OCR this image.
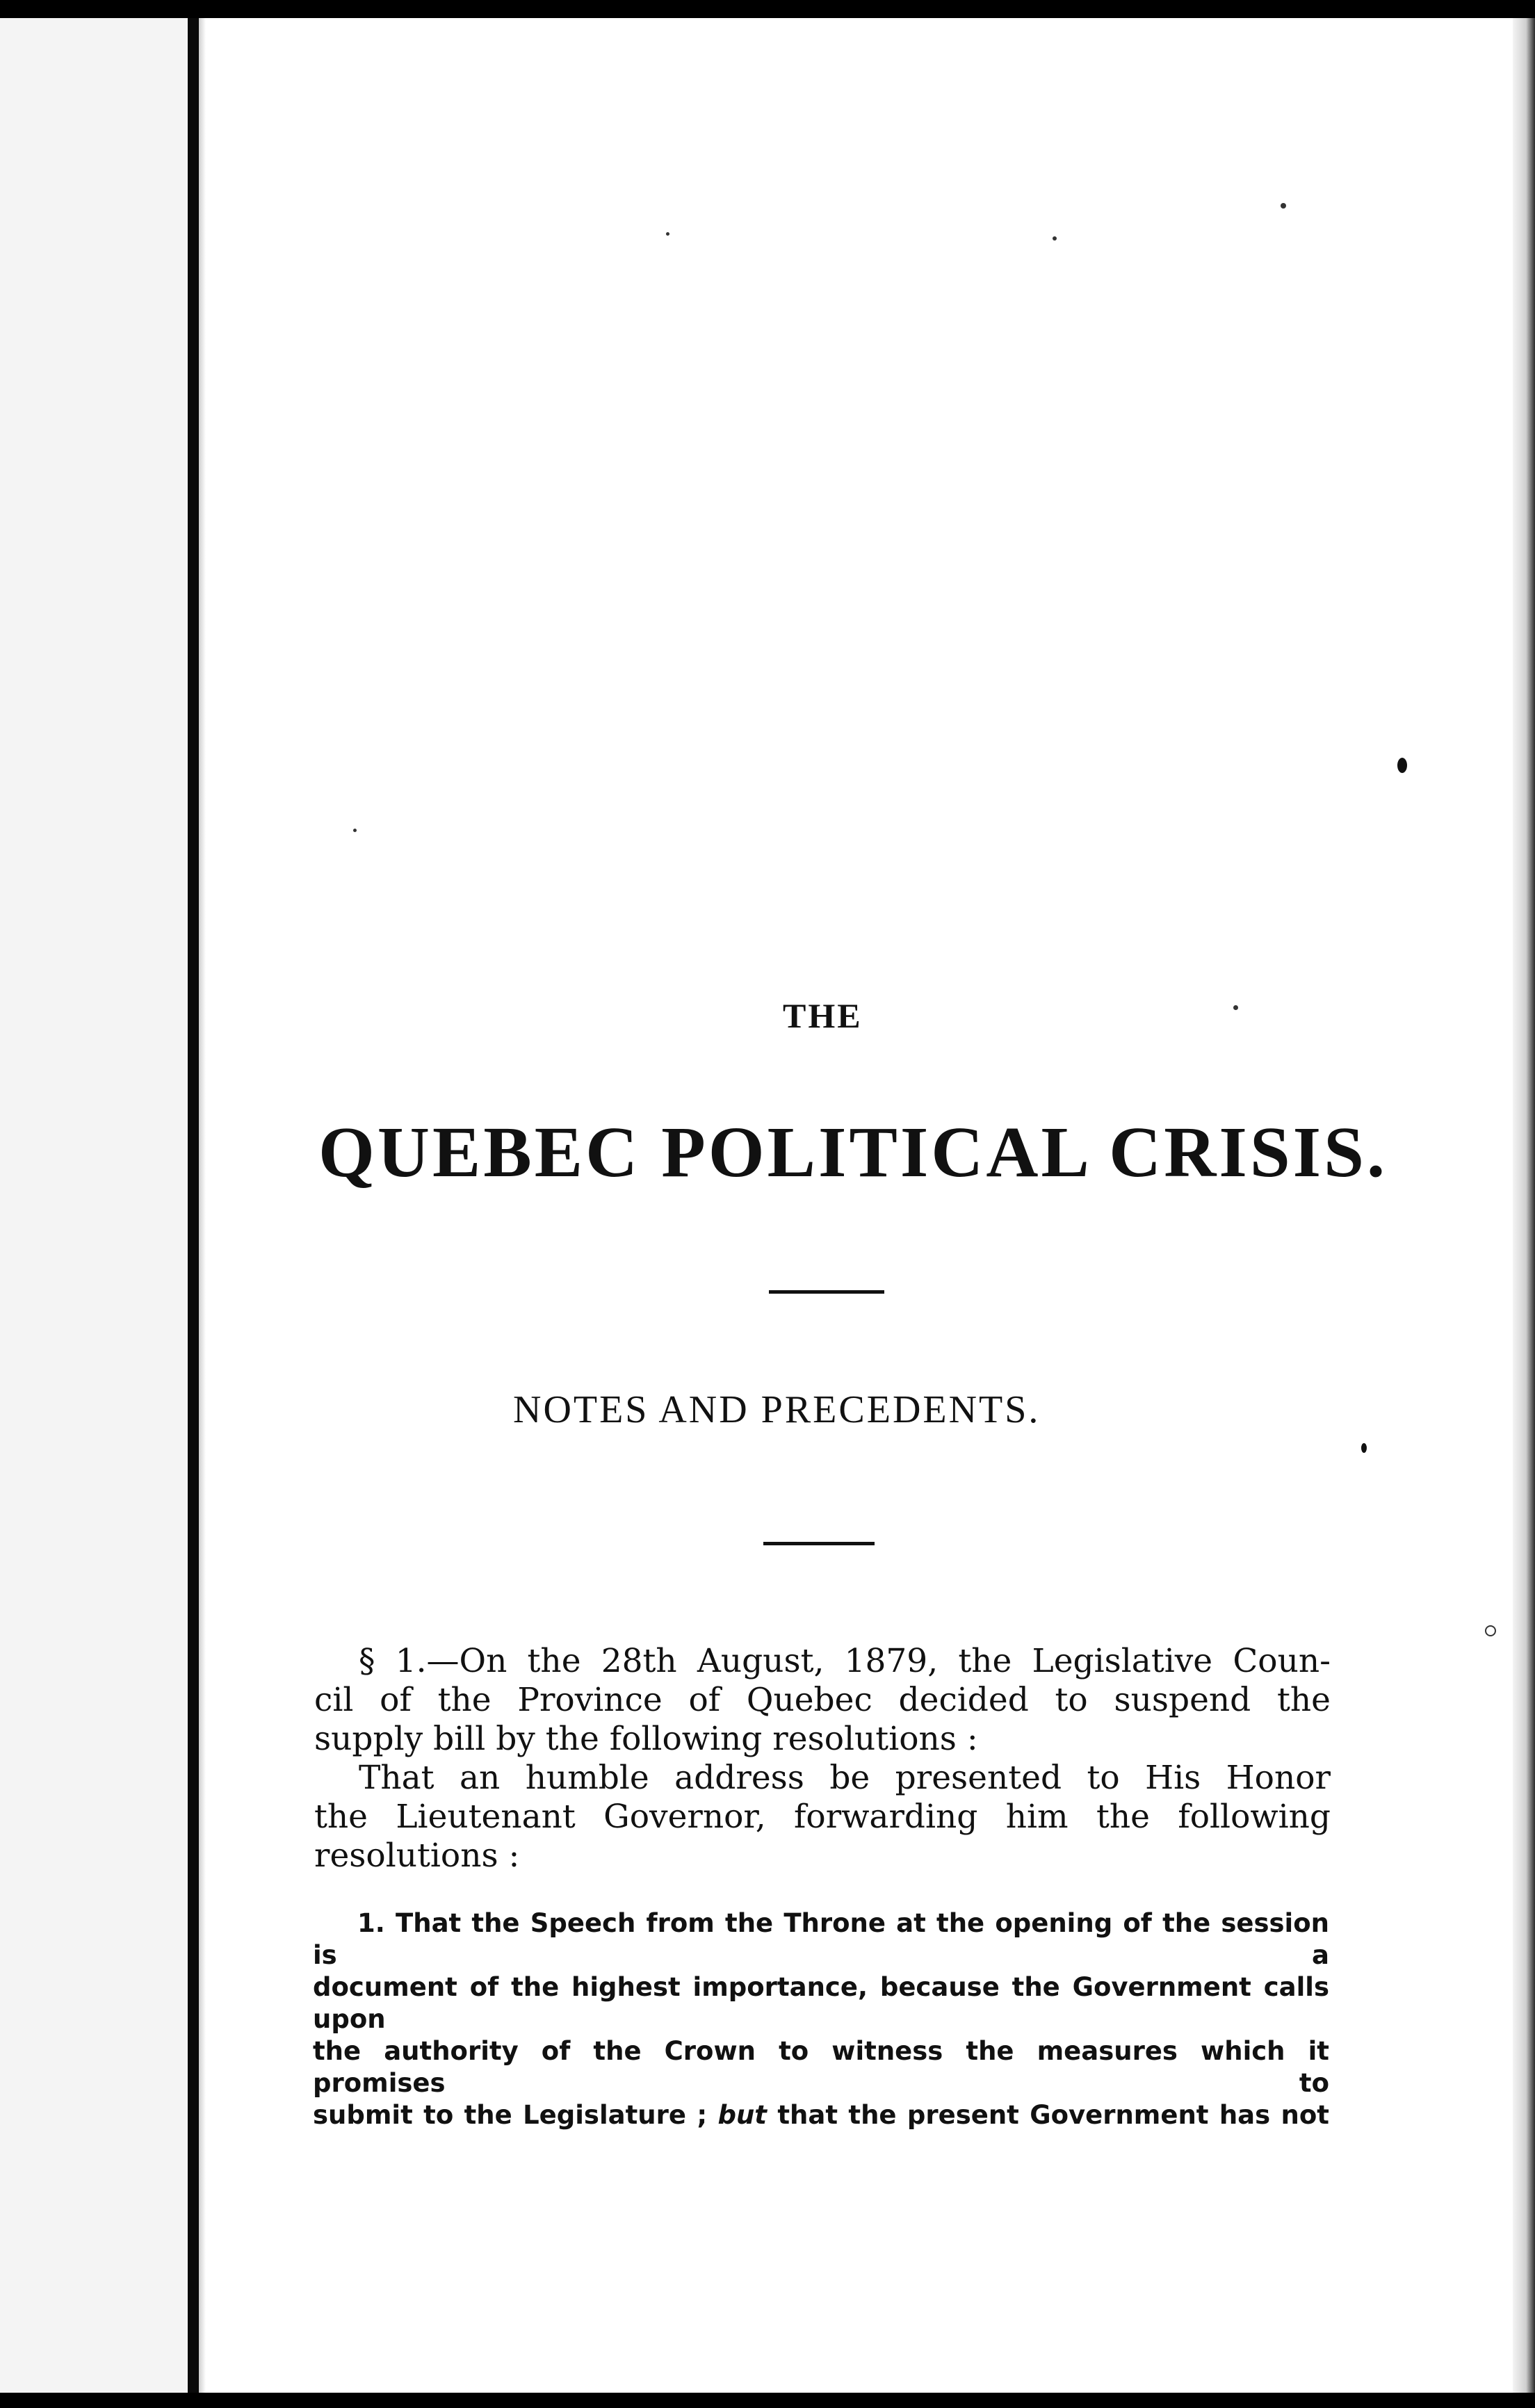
THE
QUEBEC POLITICAL CRISIS.
NOTES AND PRECEDENTS.

§ 1.—On the 28th August, 1879, the Legislative Coun-

cil of the Province of Quebec decided to suspend the

supply bill by the following resolutions :

That an humble address be presented to His Honor

the Lieutenant Governor, forwarding him the following

resolutions :

1. That the Speech from the Throne at the opening of the session is a
document of the highest importance, because the Government calls upon
the authority of the Crown to witness the measures which it promises to
submit to the Legislature ; but that the present Government has not
